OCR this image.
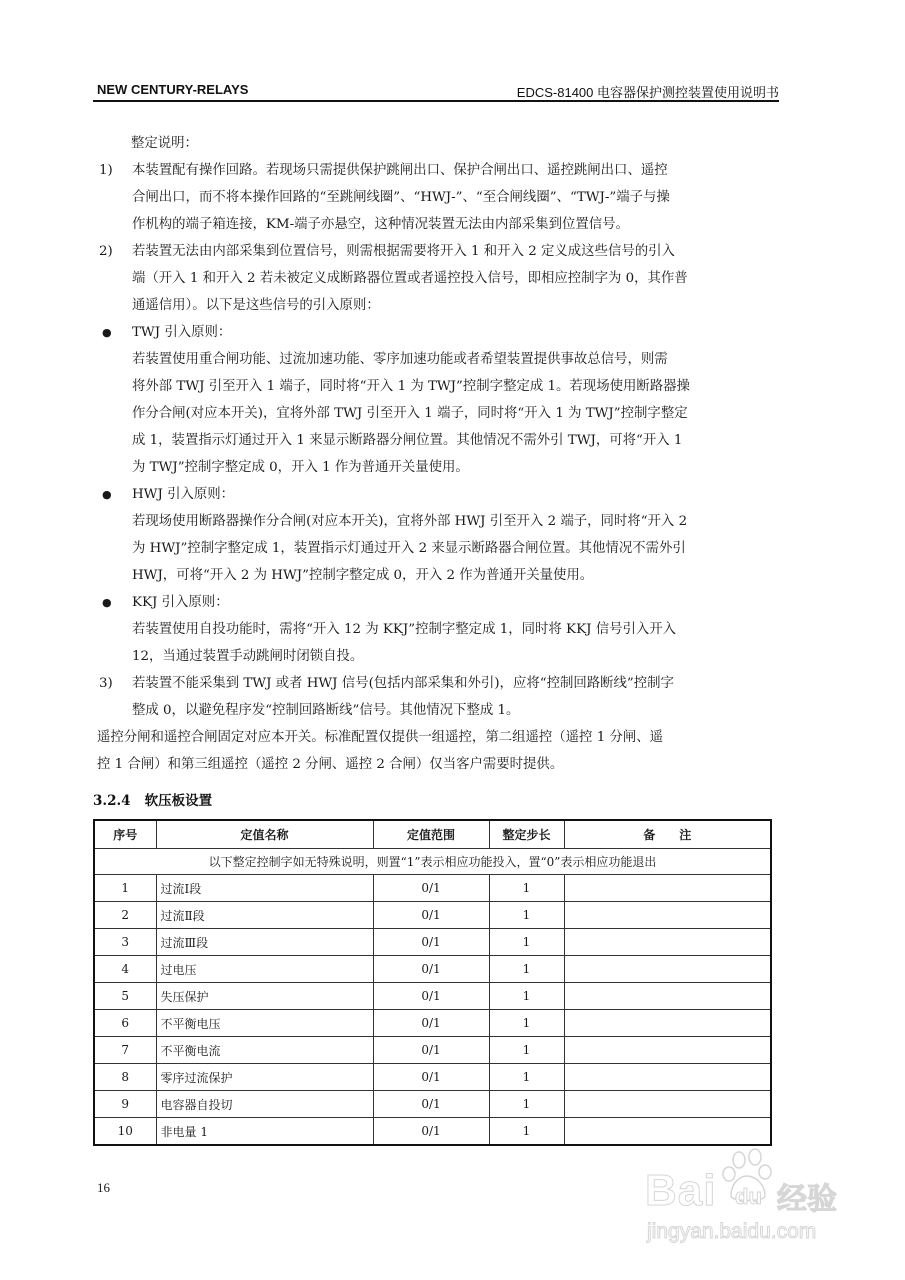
NEW CENTURY-RELAYS	EDCS-81400 电容器保护测控装置使用说明书
整定说明：
1) 本装置配有操作回路。若现场只需提供保护跳闸出口、保护合闸出口、遥控跳闸出口、遥控
合闸出口，而不将本操作回路的“至跳闸线圈”、“HWJ-”、“至合闸线圈”、“TWJ-”端子与操
作机构的端子箱连接，KM-端子亦悬空，这种情况装置无法由内部采集到位置信号。
2) 若装置无法由内部采集到位置信号，则需根据需要将开入 1 和开入 2 定义成这些信号的引入
端（开入 1 和开入 2 若未被定义成断路器位置或者遥控投入信号，即相应控制字为 0，其作普
通遥信用）。以下是这些信号的引入原则：
● TWJ 引入原则：
若装置使用重合闸功能、过流加速功能、零序加速功能或者希望装置提供事故总信号，则需
将外部 TWJ 引至开入 1 端子，同时将“开入 1 为 TWJ”控制字整定成 1。若现场使用断路器操
作分合闸(对应本开关)，宜将外部 TWJ 引至开入 1 端子，同时将“开入 1 为 TWJ”控制字整定
成 1，装置指示灯通过开入 1 来显示断路器分闸位置。其他情况不需外引 TWJ，可将“开入 1
为 TWJ”控制字整定成 0，开入 1 作为普通开关量使用。
● HWJ 引入原则：
若现场使用断路器操作分合闸(对应本开关)，宜将外部 HWJ 引至开入 2 端子，同时将“开入 2
为 HWJ”控制字整定成 1，装置指示灯通过开入 2 来显示断路器合闸位置。其他情况不需外引
HWJ，可将“开入 2 为 HWJ”控制字整定成 0，开入 2 作为普通开关量使用。
● KKJ 引入原则：
若装置使用自投功能时，需将“开入 12 为 KKJ”控制字整定成 1，同时将 KKJ 信号引入开入
12，当通过装置手动跳闸时闭锁自投。
3) 若装置不能采集到 TWJ 或者 HWJ 信号(包括内部采集和外引)，应将“控制回路断线”控制字
整成 0，以避免程序发“控制回路断线”信号。其他情况下整成 1。
遥控分闸和遥控合闸固定对应本开关。标准配置仅提供一组遥控，第二组遥控（遥控 1 分闸、遥
控 1 合闸）和第三组遥控（遥控 2 分闸、遥控 2 合闸）仅当客户需要时提供。
3.2.4 软压板设置
序号	定值名称	定值范围	整定步长	备　　注
以下整定控制字如无特殊说明，则置“1”表示相应功能投入，置“0”表示相应功能退出				
1	过流Ⅰ段	0/1	1	
2	过流Ⅱ段	0/1	1	
3	过流Ⅲ段	0/1	1	
4	过电压	0/1	1	
5	失压保护	0/1	1	
6	不平衡电压	0/1	1	
7	不平衡电流	0/1	1	
8	零序过流保护	0/1	1	
9	电容器自投切	0/1	1	
10	非电量 1	0/1	1	
16	Bai du 经验
jingyan.baidu.com
